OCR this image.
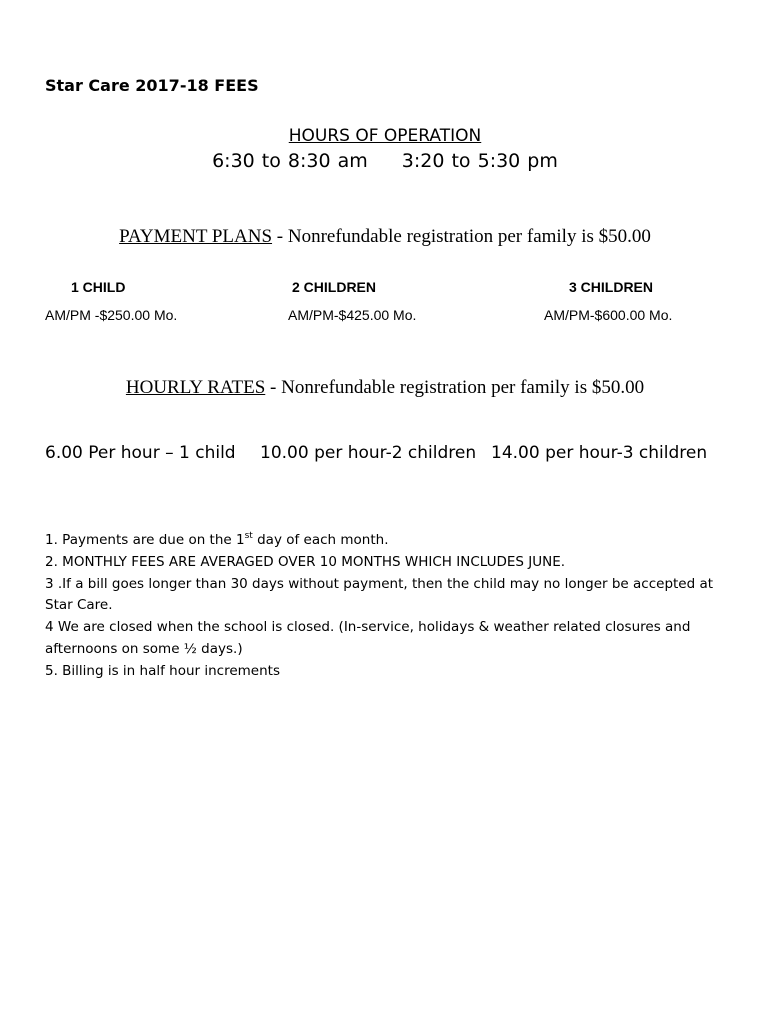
Star Care 2017-18 FEES
HOURS OF OPERATION
6:30 to 8:30 am 3:20 to 5:30 pm
PAYMENT PLANS - Nonrefundable registration per family is $50.00
1 CHILD	2 CHILDREN	3 CHILDREN
AM/PM -$250.00 Mo.	AM/PM-$425.00 Mo.	AM/PM-$600.00 Mo.
HOURLY RATES - Nonrefundable registration per family is $50.00
6.00 Per hour – 1 child 10.00 per hour-2 children 14.00 per hour-3 children
1. Payments are due on the 1st day of each month.
2. MONTHLY FEES ARE AVERAGED OVER 10 MONTHS WHICH INCLUDES JUNE.
3 .If a bill goes longer than 30 days without payment, then the child may no longer be accepted at Star Care.
4 We are closed when the school is closed. (In-service, holidays & weather related closures and afternoons on some ½ days.)
5. Billing is in half hour increments
